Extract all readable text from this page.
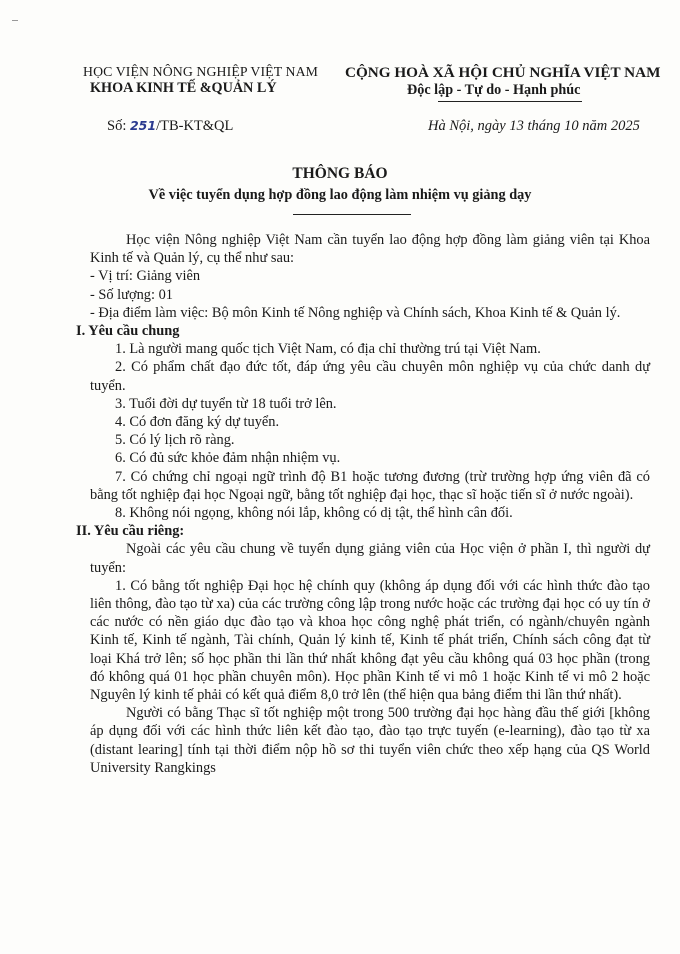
HỌC VIỆN NÔNG NGHIỆP VIỆT NAM
KHOA KINH TẾ &QUẢN LÝ
CỘNG HOÀ XÃ HỘI CHỦ NGHĨA VIỆT NAM
Độc lập - Tự do - Hạnh phúc
Số: 251/TB-KT&QL	Hà Nội, ngày 13 tháng 10 năm 2025
THÔNG BÁO
Về việc tuyển dụng hợp đồng lao động làm nhiệm vụ giảng dạy

Học viện Nông nghiệp Việt Nam cần tuyển lao động hợp đồng làm giảng viên tại Khoa Kinh tế và Quản lý, cụ thể như sau:

- Vị trí: Giảng viên

- Số lượng: 01

- Địa điểm làm việc: Bộ môn Kinh tế Nông nghiệp và Chính sách, Khoa Kinh tế & Quản lý.

I. Yêu cầu chung

1. Là người mang quốc tịch Việt Nam, có địa chỉ thường trú tại Việt Nam.

2. Có phẩm chất đạo đức tốt, đáp ứng yêu cầu chuyên môn nghiệp vụ của chức danh dự tuyển.

3. Tuổi đời dự tuyển từ 18 tuổi trở lên.

4. Có đơn đăng ký dự tuyển.

5. Có lý lịch rõ ràng.

6. Có đủ sức khỏe đảm nhận nhiệm vụ.

7. Có chứng chỉ ngoại ngữ trình độ B1 hoặc tương đương (trừ trường hợp ứng viên đã có bằng tốt nghiệp đại học Ngoại ngữ, bằng tốt nghiệp đại học, thạc sĩ hoặc tiến sĩ ở nước ngoài).

8. Không nói ngọng, không nói lắp, không có dị tật, thể hình cân đối.

II. Yêu cầu riêng:

Ngoài các yêu cầu chung về tuyển dụng giảng viên của Học viện ở phần I, thì người dự tuyển:

1. Có bằng tốt nghiệp Đại học hệ chính quy (không áp dụng đối với các hình thức đào tạo liên thông, đào tạo từ xa) của các trường công lập trong nước hoặc các trường đại học có uy tín ở các nước có nền giáo dục đào tạo và khoa học công nghệ phát triển, có ngành/chuyên ngành Kinh tế, Kinh tế ngành, Tài chính, Quản lý kinh tế, Kinh tế phát triển, Chính sách công đạt từ loại Khá trở lên; số học phần thi lần thứ nhất không đạt yêu cầu không quá 03 học phần (trong đó không quá 01 học phần chuyên môn). Học phần Kinh tế vi mô 1 hoặc Kinh tế vi mô 2 hoặc Nguyên lý kinh tế phải có kết quả điểm 8,0 trở lên (thể hiện qua bảng điểm thi lần thứ nhất).

Người có bằng Thạc sĩ tốt nghiệp một trong 500 trường đại học hàng đầu thế giới [không áp dụng đối với các hình thức liên kết đào tạo, đào tạo trực tuyến (e-learning), đào tạo từ xa (distant learing] tính tại thời điểm nộp hồ sơ thi tuyển viên chức theo xếp hạng của QS World University Rangkings
